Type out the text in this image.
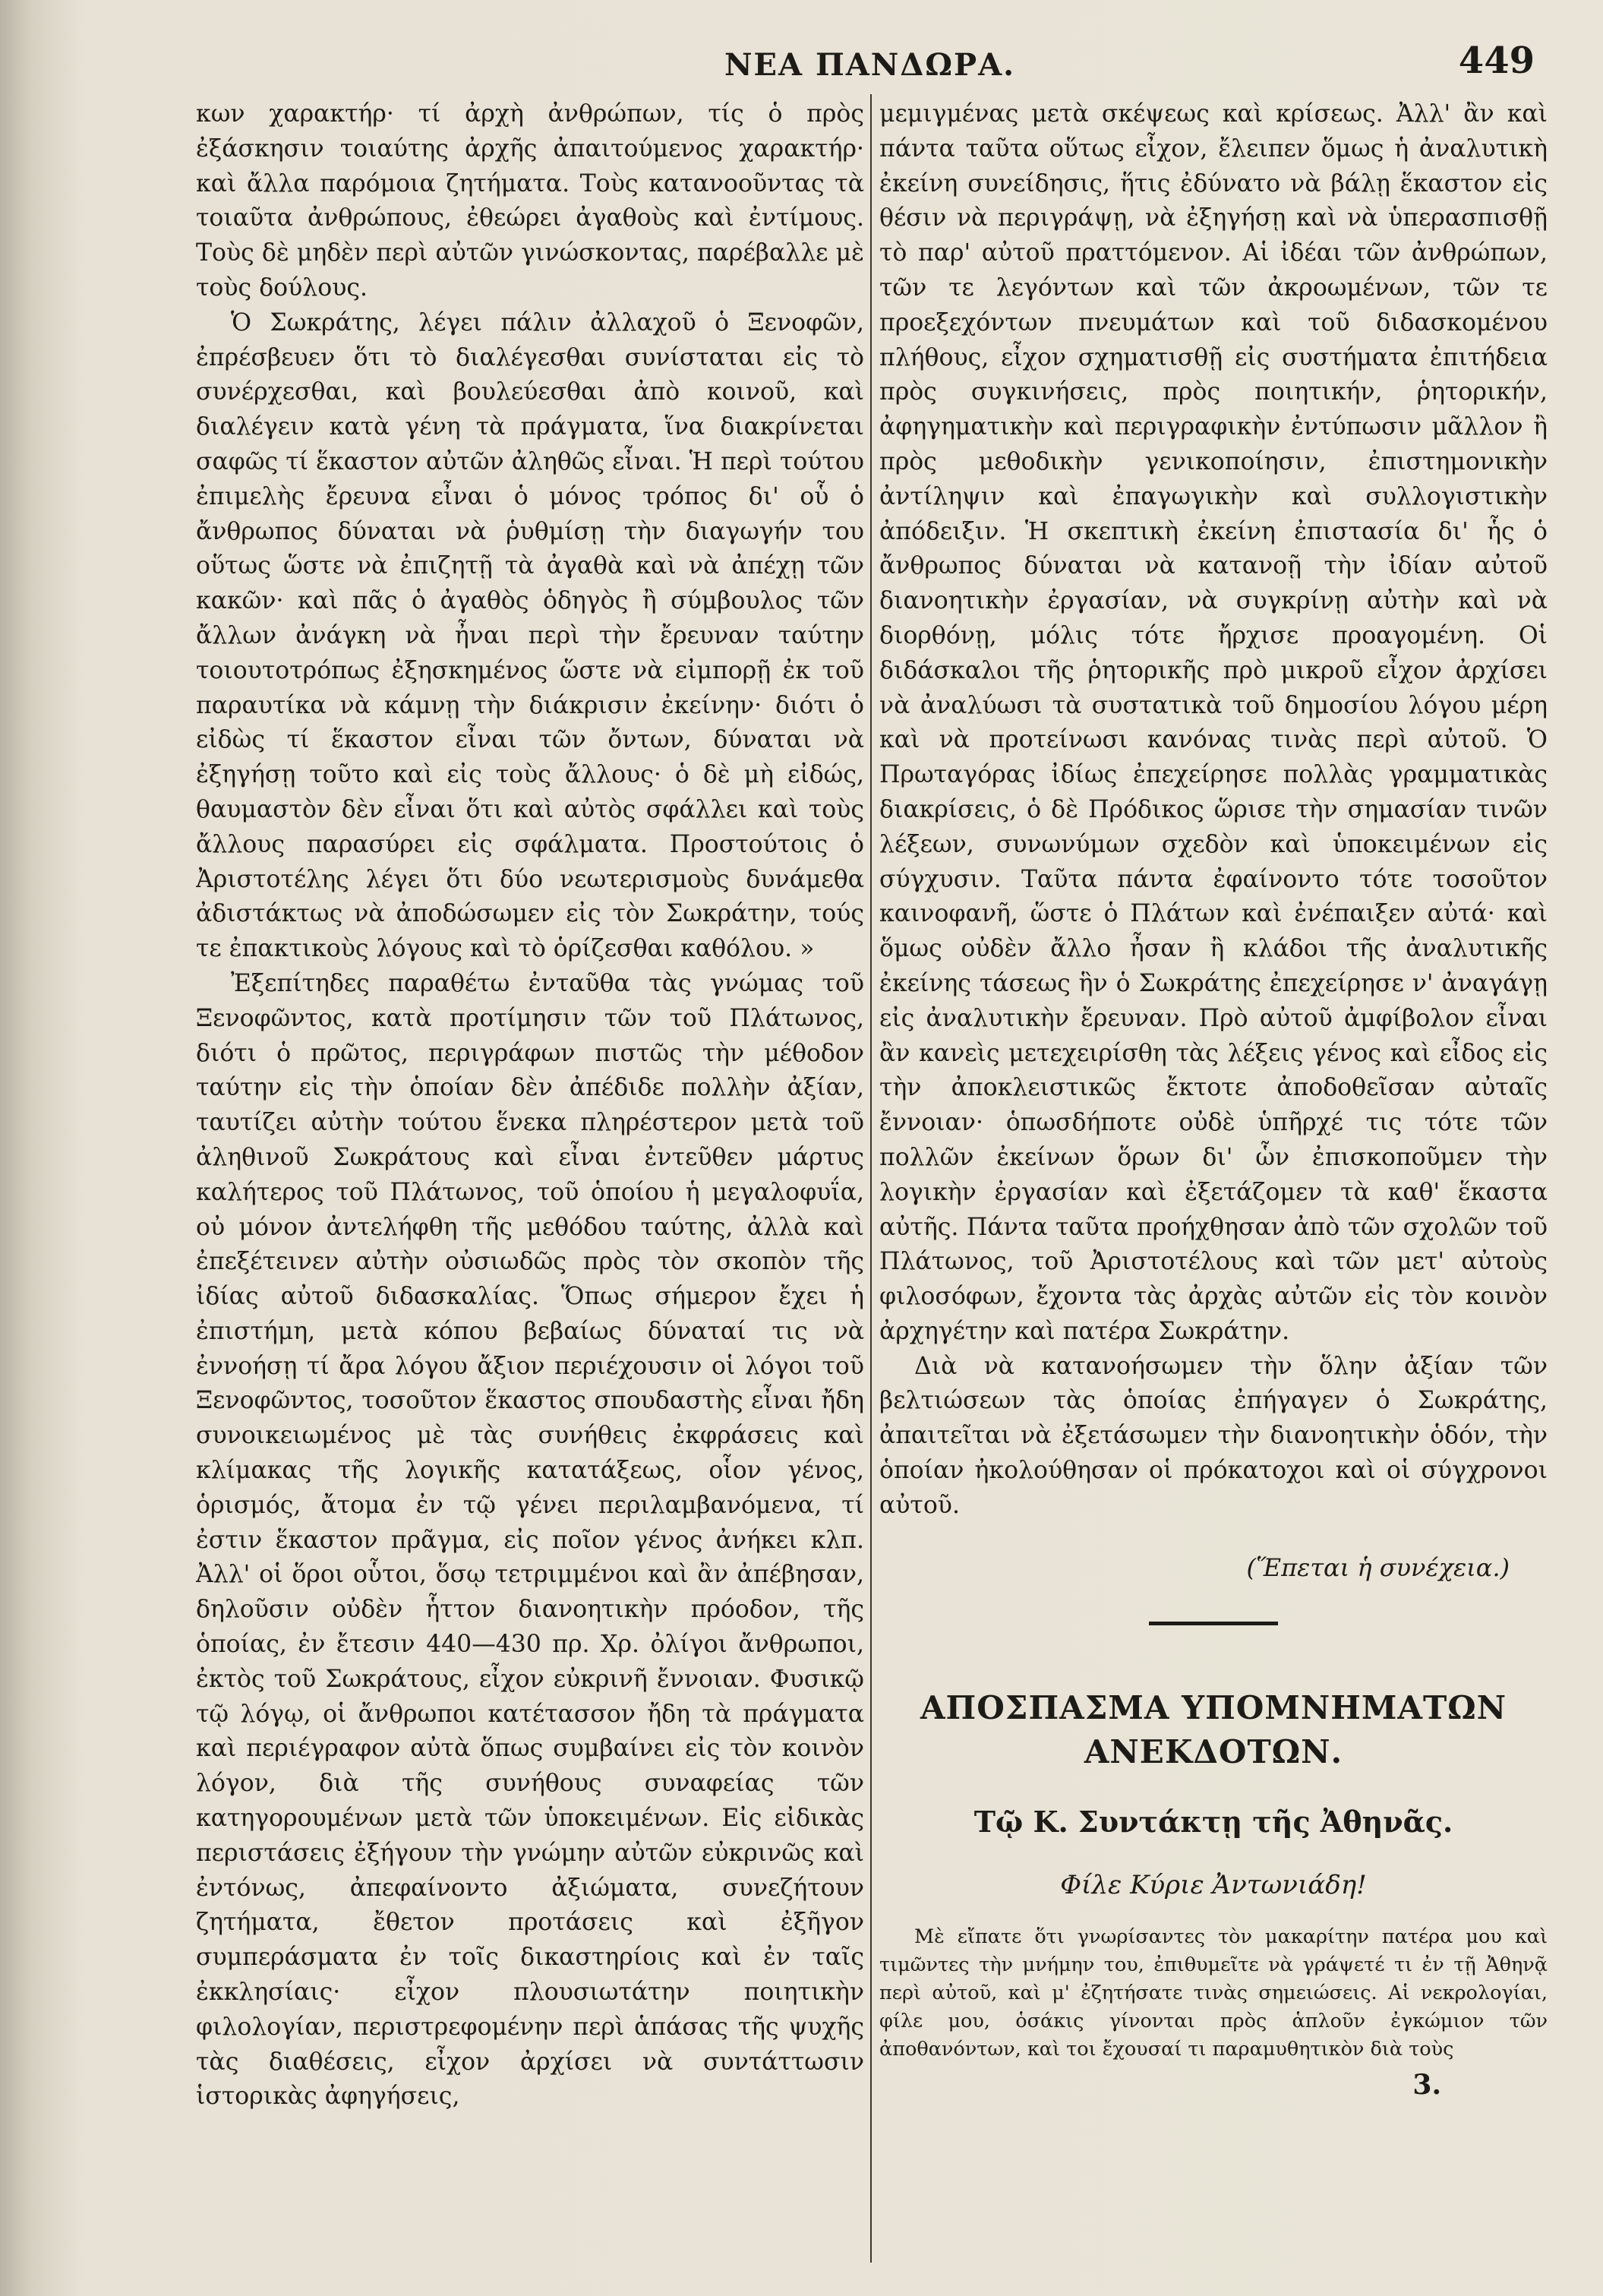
ΝΕΑ ΠΑΝΔΩΡΑ.	449

κων χαρακτήρ· τί ἀρχὴ ἀνθρώπων, τίς ὁ πρὸς ἐξάσκησιν τοιαύτης ἀρχῆς ἀπαιτούμενος χαρακτήρ· καὶ ἄλλα παρόμοια ζητήματα. Τοὺς κατανοοῦντας τὰ τοιαῦτα ἀνθρώπους, ἐθεώρει ἀγαθοὺς καὶ ἐντίμους. Τοὺς δὲ μηδὲν περὶ αὐτῶν γινώσκοντας, παρέβαλλε μὲ τοὺς δούλους.

Ὁ Σωκράτης, λέγει πάλιν ἀλλαχοῦ ὁ Ξενοφῶν, ἐπρέσβευεν ὅτι τὸ διαλέγεσθαι συνίσταται εἰς τὸ συνέρχεσθαι, καὶ βουλεύεσθαι ἀπὸ κοινοῦ, καὶ διαλέγειν κατὰ γένη τὰ πράγματα, ἵνα διακρίνεται σαφῶς τί ἕκαστον αὐτῶν ἀληθῶς εἶναι. Ἡ περὶ τούτου ἐπιμελὴς ἔρευνα εἶναι ὁ μόνος τρόπος δι' οὗ ὁ ἄνθρωπος δύναται νὰ ῥυθμίσῃ τὴν διαγωγήν του οὕτως ὥστε νὰ ἐπιζητῇ τὰ ἀγαθὰ καὶ νὰ ἀπέχῃ τῶν κακῶν· καὶ πᾶς ὁ ἀγαθὸς ὁδηγὸς ἢ σύμβουλος τῶν ἄλλων ἀνάγκη νὰ ἦναι περὶ τὴν ἔρευναν ταύτην τοιουτοτρόπως ἐξησκημένος ὥστε νὰ εἰμπορῇ ἐκ τοῦ παραυτίκα νὰ κάμνῃ τὴν διάκρισιν ἐκείνην· διότι ὁ εἰδὼς τί ἕκαστον εἶναι τῶν ὄντων, δύναται νὰ ἐξηγήσῃ τοῦτο καὶ εἰς τοὺς ἄλλους· ὁ δὲ μὴ εἰδώς, θαυμαστὸν δὲν εἶναι ὅτι καὶ αὐτὸς σφάλλει καὶ τοὺς ἄλλους παρασύρει εἰς σφάλματα. Προστούτοις ὁ Ἀριστοτέλης λέγει ὅτι δύο νεωτερισμοὺς δυνάμεθα ἀδιστάκτως νὰ ἀποδώσωμεν εἰς τὸν Σωκράτην, τούς τε ἐπακτικοὺς λόγους καὶ τὸ ὁρίζεσθαι καθόλου. »

Ἐξεπίτηδες παραθέτω ἐνταῦθα τὰς γνώμας τοῦ Ξενοφῶντος, κατὰ προτίμησιν τῶν τοῦ Πλάτωνος, διότι ὁ πρῶτος, περιγράφων πιστῶς τὴν μέθοδον ταύτην εἰς τὴν ὁποίαν δὲν ἀπέδιδε πολλὴν ἀξίαν, ταυτίζει αὐτὴν τούτου ἕνεκα πληρέστερον μετὰ τοῦ ἀληθινοῦ Σωκράτους καὶ εἶναι ἐντεῦθεν μάρτυς καλήτερος τοῦ Πλάτωνος, τοῦ ὁποίου ἡ μεγαλοφυΐα, οὐ μόνον ἀντελήφθη τῆς μεθόδου ταύτης, ἀλλὰ καὶ ἐπεξέτεινεν αὐτὴν οὐσιωδῶς πρὸς τὸν σκοπὸν τῆς ἰδίας αὐτοῦ διδασκαλίας. Ὅπως σήμερον ἔχει ἡ ἐπιστήμη, μετὰ κόπου βεβαίως δύναταί τις νὰ ἐννοήσῃ τί ἄρα λόγου ἄξιον περιέχουσιν οἱ λόγοι τοῦ Ξενοφῶντος, τοσοῦτον ἕκαστος σπουδαστὴς εἶναι ἤδη συνοικειωμένος μὲ τὰς συνήθεις ἐκφράσεις καὶ κλίμακας τῆς λογικῆς κατατάξεως, οἷον γένος, ὁρισμός, ἄτομα ἐν τῷ γένει περιλαμβανόμενα, τί ἐστιν ἕκαστον πρᾶγμα, εἰς ποῖον γένος ἀνήκει κλπ. Ἀλλ' οἱ ὅροι οὗτοι, ὅσῳ τετριμμένοι καὶ ἂν ἀπέβησαν, δηλοῦσιν οὐδὲν ἧττον διανοητικὴν πρόοδον, τῆς ὁποίας, ἐν ἔτεσιν 440—430 πρ. Χρ. ὀλίγοι ἄνθρωποι, ἐκτὸς τοῦ Σωκράτους, εἶχον εὐκρινῆ ἔννοιαν. Φυσικῷ τῷ λόγῳ, οἱ ἄνθρωποι κατέτασσον ἤδη τὰ πράγματα καὶ περιέγραφον αὐτὰ ὅπως συμβαίνει εἰς τὸν κοινὸν λόγον, διὰ τῆς συνήθους συναφείας τῶν κατηγορουμένων μετὰ τῶν ὑποκειμένων. Εἰς εἰδικὰς περιστάσεις ἐξήγουν τὴν γνώμην αὐτῶν εὐκρινῶς καὶ ἐντόνως, ἀπεφαίνοντο ἀξιώματα, συνεζήτουν ζητήματα, ἔθετον προτάσεις καὶ ἐξῆγον συμπεράσματα ἐν τοῖς δικαστηρίοις καὶ ἐν ταῖς ἐκκλησίαις· εἶχον πλουσιωτάτην ποιητικὴν φιλολογίαν, περιστρεφομένην περὶ ἁπάσας τῆς ψυχῆς τὰς διαθέσεις, εἶχον ἀρχίσει νὰ συντάττωσιν ἱστορικὰς ἀφηγήσεις,

μεμιγμένας μετὰ σκέψεως καὶ κρίσεως. Ἀλλ' ἂν καὶ πάντα ταῦτα οὕτως εἶχον, ἔλειπεν ὅμως ἡ ἀναλυτικὴ ἐκείνη συνείδησις, ἥτις ἐδύνατο νὰ βάλῃ ἕκαστον εἰς θέσιν νὰ περιγράψῃ, νὰ ἐξηγήσῃ καὶ νὰ ὑπερασπισθῇ τὸ παρ' αὐτοῦ πραττόμενον. Αἱ ἰδέαι τῶν ἀνθρώπων, τῶν τε λεγόντων καὶ τῶν ἀκροωμένων, τῶν τε προεξεχόντων πνευμάτων καὶ τοῦ διδασκομένου πλήθους, εἶχον σχηματισθῇ εἰς συστήματα ἐπιτήδεια πρὸς συγκινήσεις, πρὸς ποιητικήν, ῥητορικήν, ἀφηγηματικὴν καὶ περιγραφικὴν ἐντύπωσιν μᾶλλον ἢ πρὸς μεθοδικὴν γενικοποίησιν, ἐπιστημονικὴν ἀντίληψιν καὶ ἐπαγωγικὴν καὶ συλλογιστικὴν ἀπόδειξιν. Ἡ σκεπτικὴ ἐκείνη ἐπιστασία δι' ἧς ὁ ἄνθρωπος δύναται νὰ κατανοῇ τὴν ἰδίαν αὐτοῦ διανοητικὴν ἐργασίαν, νὰ συγκρίνῃ αὐτὴν καὶ νὰ διορθόνῃ, μόλις τότε ἤρχισε προαγομένη. Οἱ διδάσκαλοι τῆς ῥητορικῆς πρὸ μικροῦ εἶχον ἀρχίσει νὰ ἀναλύωσι τὰ συστατικὰ τοῦ δημοσίου λόγου μέρη καὶ νὰ προτείνωσι κανόνας τινὰς περὶ αὐτοῦ. Ὁ Πρωταγόρας ἰδίως ἐπεχείρησε πολλὰς γραμματικὰς διακρίσεις, ὁ δὲ Πρόδικος ὥρισε τὴν σημασίαν τινῶν λέξεων, συνωνύμων σχεδὸν καὶ ὑποκειμένων εἰς σύγχυσιν. Ταῦτα πάντα ἐφαίνοντο τότε τοσοῦτον καινοφανῆ, ὥστε ὁ Πλάτων καὶ ἐνέπαιξεν αὐτά· καὶ ὅμως οὐδὲν ἄλλο ἦσαν ἢ κλάδοι τῆς ἀναλυτικῆς ἐκείνης τάσεως ἣν ὁ Σωκράτης ἐπεχείρησε ν' ἀναγάγῃ εἰς ἀναλυτικὴν ἔρευναν. Πρὸ αὐτοῦ ἀμφίβολον εἶναι ἂν κανεὶς μετεχειρίσθη τὰς λέξεις γένος καὶ εἶδος εἰς τὴν ἀποκλειστικῶς ἔκτοτε ἀποδοθεῖσαν αὐταῖς ἔννοιαν· ὁπωσδήποτε οὐδὲ ὑπῆρχέ τις τότε τῶν πολλῶν ἐκείνων ὅρων δι' ὧν ἐπισκοποῦμεν τὴν λογικὴν ἐργασίαν καὶ ἐξετάζομεν τὰ καθ' ἕκαστα αὐτῆς. Πάντα ταῦτα προήχθησαν ἀπὸ τῶν σχολῶν τοῦ Πλάτωνος, τοῦ Ἀριστοτέλους καὶ τῶν μετ' αὐτοὺς φιλοσόφων, ἔχοντα τὰς ἀρχὰς αὐτῶν εἰς τὸν κοινὸν ἀρχηγέτην καὶ πατέρα Σωκράτην.

Διὰ νὰ κατανοήσωμεν τὴν ὅλην ἀξίαν τῶν βελτιώσεων τὰς ὁποίας ἐπήγαγεν ὁ Σωκράτης, ἀπαιτεῖται νὰ ἐξετάσωμεν τὴν διανοητικὴν ὁδόν, τὴν ὁποίαν ἠκολούθησαν οἱ πρόκατοχοι καὶ οἱ σύγχρονοι αὐτοῦ.

(Ἕπεται ἡ συνέχεια.)

ΑΠΟΣΠΑΣΜΑ ΥΠΟΜΝΗΜΑΤΩΝ
ΑΝΕΚΔΟΤΩΝ.
Τῷ Κ. Συντάκτῃ τῆς Ἀθηνᾶς.
Φίλε Κύριε Ἀντωνιάδη!

Μὲ εἴπατε ὅτι γνωρίσαντες τὸν μακαρίτην πατέρα μου καὶ τιμῶντες τὴν μνήμην του, ἐπιθυμεῖτε νὰ γράψετέ τι ἐν τῇ Ἀθηνᾷ περὶ αὐτοῦ, καὶ μ' ἐζητήσατε τινὰς σημειώσεις. Αἱ νεκρολογίαι, φίλε μου, ὁσάκις γίνονται πρὸς ἁπλοῦν ἐγκώμιον τῶν ἀποθανόντων, καὶ τοι ἔχουσαί τι παραμυθητικὸν διὰ τοὺς

3.
